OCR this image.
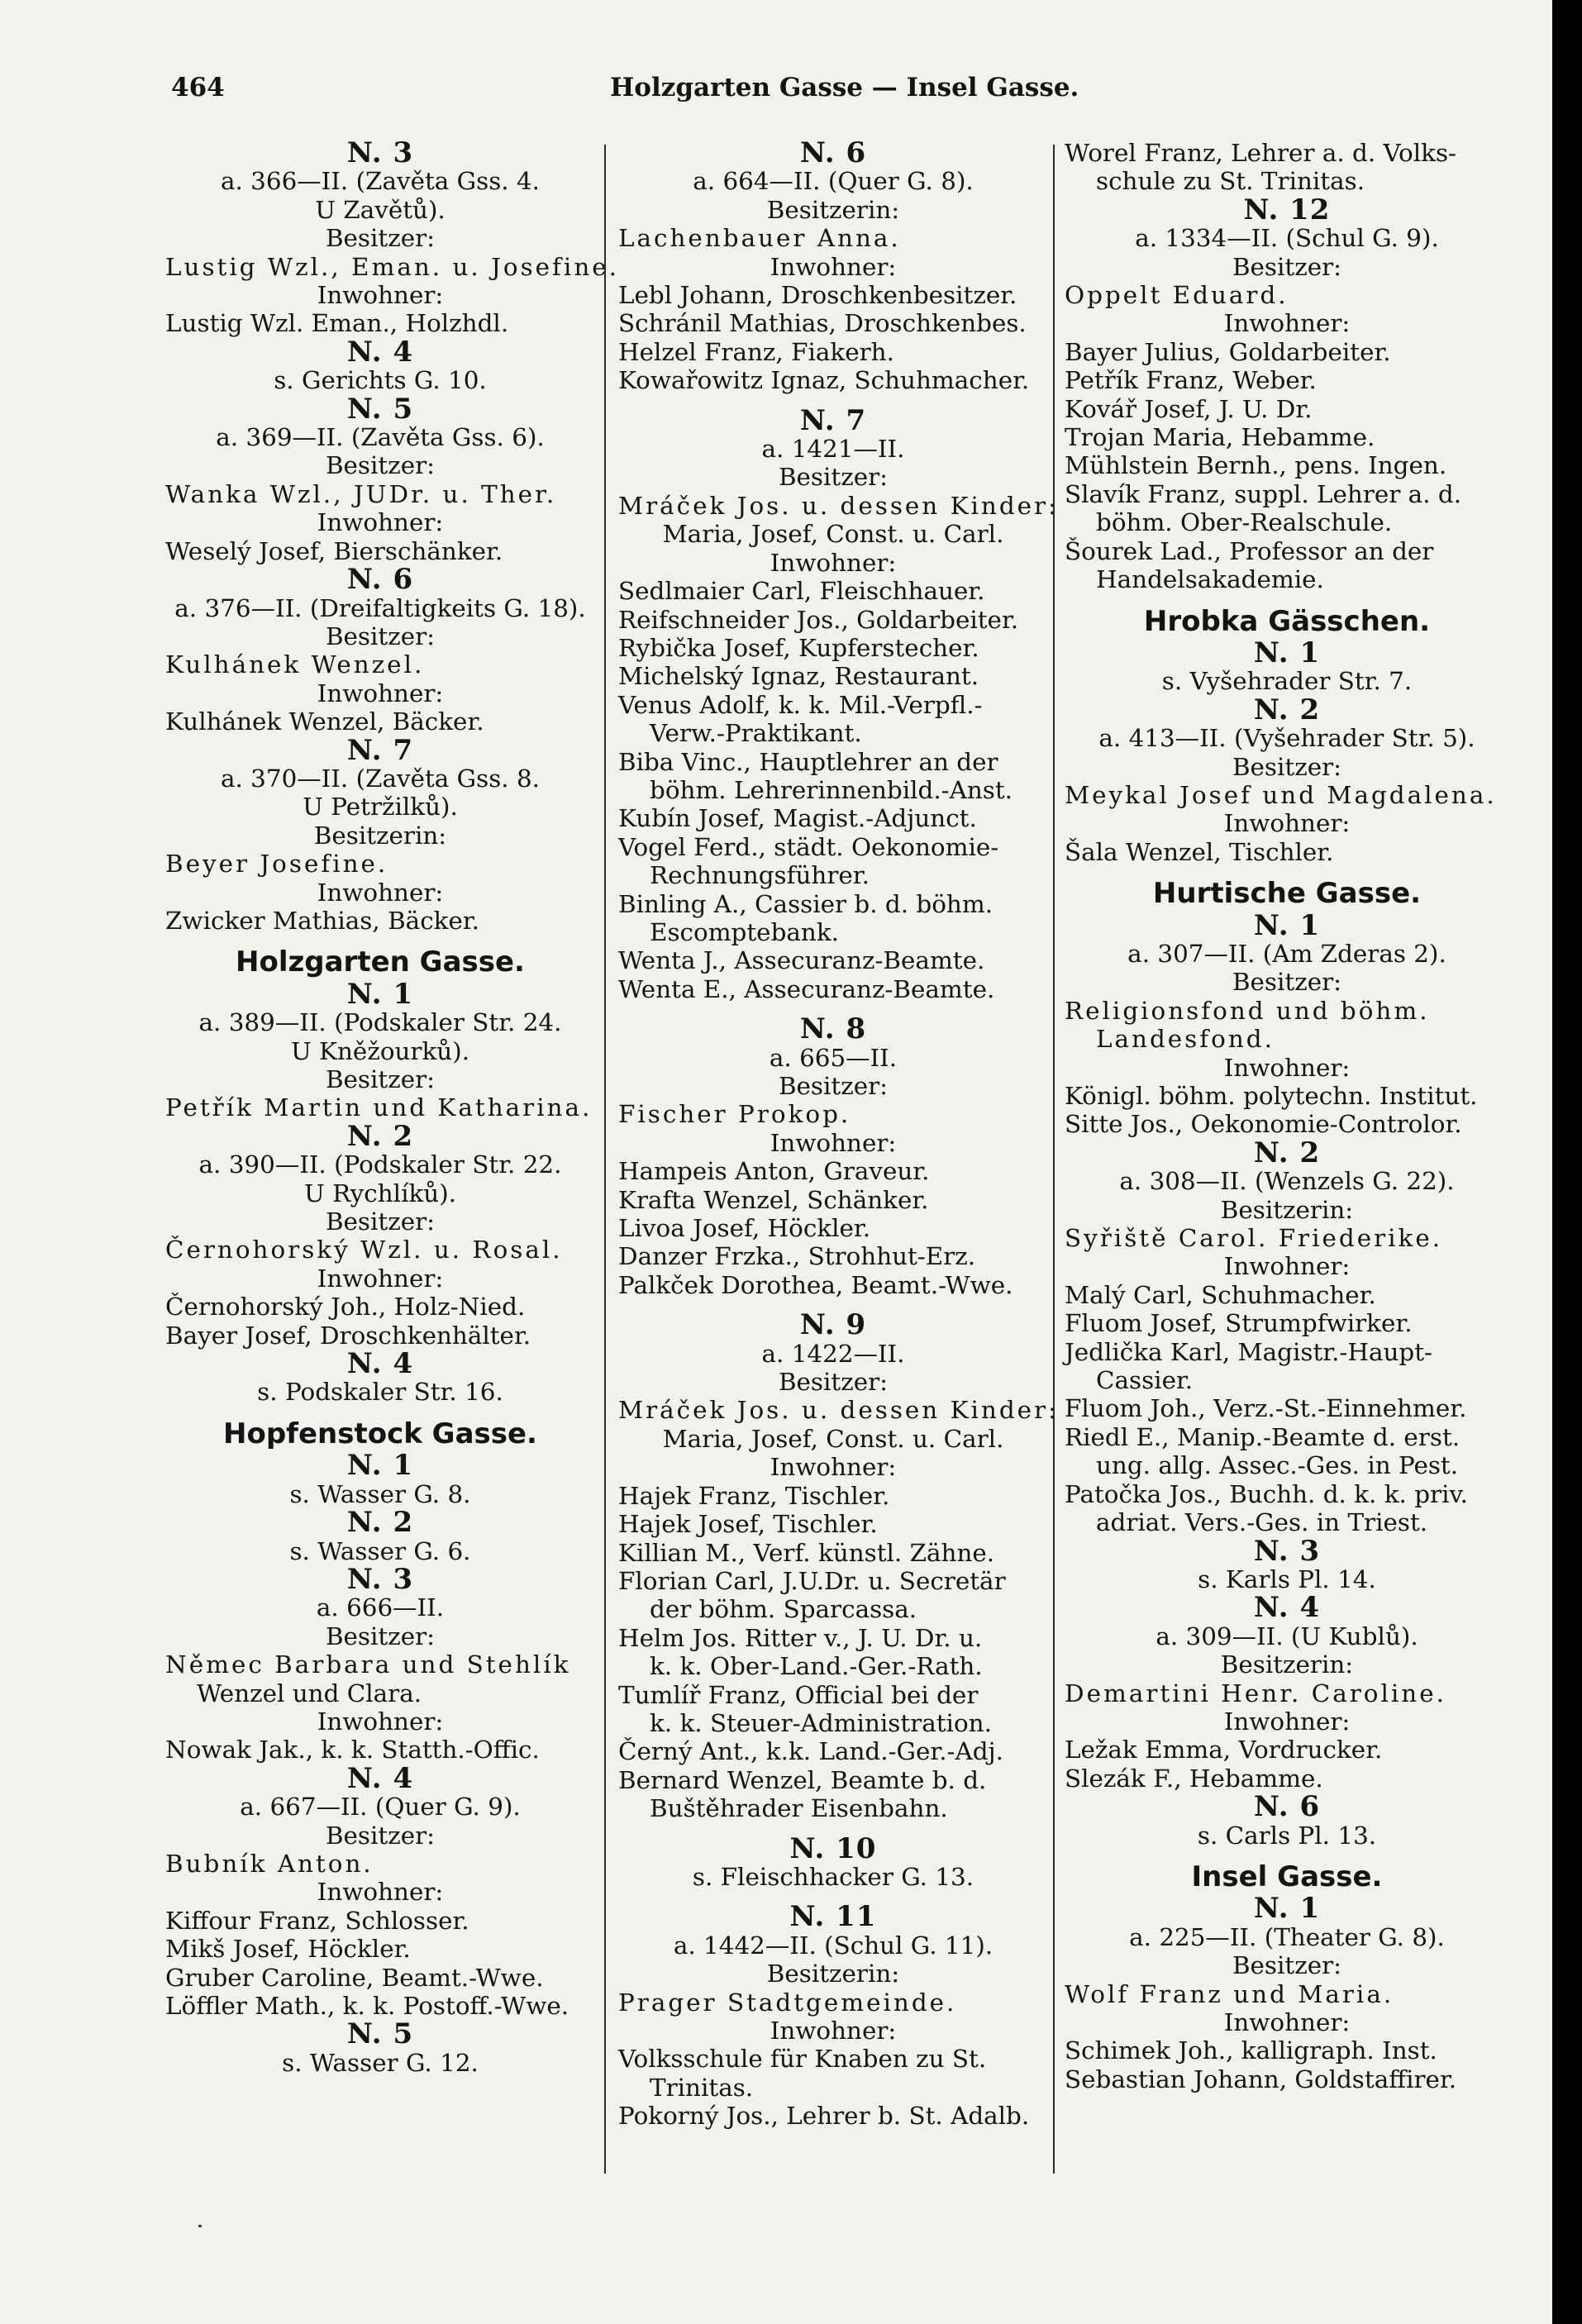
464	Holzgarten Gasse — Insel Gasse.
N. 3
a. 366—II. (Zavěta Gss. 4.
U Zavětů).
Besitzer:
Lustig Wzl., Eman. u. Josefine.
Inwohner:
Lustig Wzl. Eman., Holzhdl.
N. 4
s. Gerichts G. 10.
N. 5
a. 369—II. (Zavěta Gss. 6).
Besitzer:
Wanka Wzl., JUDr. u. Ther.
Inwohner:
Weselý Josef, Bierschänker.
N. 6
a. 376—II. (Dreifaltigkeits G. 18).
Besitzer:
Kulhánek Wenzel.
Inwohner:
Kulhánek Wenzel, Bäcker.
N. 7
a. 370—II. (Zavěta Gss. 8.
U Petržilků).
Besitzerin:
Beyer Josefine.
Inwohner:
Zwicker Mathias, Bäcker.
Holzgarten Gasse.
N. 1
a. 389—II. (Podskaler Str. 24.
U Kněžourků).
Besitzer:
Petřík Martin und Katharina.
N. 2
a. 390—II. (Podskaler Str. 22.
U Rychlíků).
Besitzer:
Černohorský Wzl. u. Rosal.
Inwohner:
Černohorský Joh., Holz-Nied.
Bayer Josef, Droschkenhälter.
N. 4
s. Podskaler Str. 16.
Hopfenstock Gasse.
N. 1
s. Wasser G. 8.
N. 2
s. Wasser G. 6.
N. 3
a. 666—II.
Besitzer:
Němec Barbara und Stehlík
Wenzel und Clara.
Inwohner:
Nowak Jak., k. k. Statth.-Offic.
N. 4
a. 667—II. (Quer G. 9).
Besitzer:
Bubník Anton.
Inwohner:
Kiffour Franz, Schlosser.
Mikš Josef, Höckler.
Gruber Caroline, Beamt.-Wwe.
Löffler Math., k. k. Postoff.-Wwe.
N. 5
s. Wasser G. 12.
N. 6
a. 664—II. (Quer G. 8).
Besitzerin:
Lachenbauer Anna.
Inwohner:
Lebl Johann, Droschkenbesitzer.
Schránil Mathias, Droschkenbes.
Helzel Franz, Fiakerh.
Kowařowitz Ignaz, Schuhmacher.
N. 7
a. 1421—II.
Besitzer:
Mráček Jos. u. dessen Kinder:
Maria, Josef, Const. u. Carl.
Inwohner:
Sedlmaier Carl, Fleischhauer.
Reifschneider Jos., Goldarbeiter.
Rybička Josef, Kupferstecher.
Michelský Ignaz, Restaurant.
Venus Adolf, k. k. Mil.-Verpfl.-
Verw.-Praktikant.
Biba Vinc., Hauptlehrer an der
böhm. Lehrerinnenbild.-Anst.
Kubín Josef, Magist.-Adjunct.
Vogel Ferd., städt. Oekonomie-
Rechnungsführer.
Binling A., Cassier b. d. böhm.
Escomptebank.
Wenta J., Assecuranz-Beamte.
Wenta E., Assecuranz-Beamte.
N. 8
a. 665—II.
Besitzer:
Fischer Prokop.
Inwohner:
Hampeis Anton, Graveur.
Krafta Wenzel, Schänker.
Livoa Josef, Höckler.
Danzer Frzka., Strohhut-Erz.
Palkček Dorothea, Beamt.-Wwe.
N. 9
a. 1422—II.
Besitzer:
Mráček Jos. u. dessen Kinder:
Maria, Josef, Const. u. Carl.
Inwohner:
Hajek Franz, Tischler.
Hajek Josef, Tischler.
Killian M., Verf. künstl. Zähne.
Florian Carl, J.U.Dr. u. Secretär
der böhm. Sparcassa.
Helm Jos. Ritter v., J. U. Dr. u.
k. k. Ober-Land.-Ger.-Rath.
Tumlíř Franz, Official bei der
k. k. Steuer-Administration.
Černý Ant., k.k. Land.-Ger.-Adj.
Bernard Wenzel, Beamte b. d.
Buštěhrader Eisenbahn.
N. 10
s. Fleischhacker G. 13.
N. 11
a. 1442—II. (Schul G. 11).
Besitzerin:
Prager Stadtgemeinde.
Inwohner:
Volksschule für Knaben zu St.
Trinitas.
Pokorný Jos., Lehrer b. St. Adalb.
Worel Franz, Lehrer a. d. Volks-
schule zu St. Trinitas.
N. 12
a. 1334—II. (Schul G. 9).
Besitzer:
Oppelt Eduard.
Inwohner:
Bayer Julius, Goldarbeiter.
Petřík Franz, Weber.
Kovář Josef, J. U. Dr.
Trojan Maria, Hebamme.
Mühlstein Bernh., pens. Ingen.
Slavík Franz, suppl. Lehrer a. d.
böhm. Ober-Realschule.
Šourek Lad., Professor an der
Handelsakademie.
Hrobka Gässchen.
N. 1
s. Vyšehrader Str. 7.
N. 2
a. 413—II. (Vyšehrader Str. 5).
Besitzer:
Meykal Josef und Magdalena.
Inwohner:
Šala Wenzel, Tischler.
Hurtische Gasse.
N. 1
a. 307—II. (Am Zderas 2).
Besitzer:
Religionsfond und böhm.
Landesfond.
Inwohner:
Königl. böhm. polytechn. Institut.
Sitte Jos., Oekonomie-Controlor.
N. 2
a. 308—II. (Wenzels G. 22).
Besitzerin:
Syřiště Carol. Friederike.
Inwohner:
Malý Carl, Schuhmacher.
Fluom Josef, Strumpfwirker.
Jedlička Karl, Magistr.-Haupt-
Cassier.
Fluom Joh., Verz.-St.-Einnehmer.
Riedl E., Manip.-Beamte d. erst.
ung. allg. Assec.-Ges. in Pest.
Patočka Jos., Buchh. d. k. k. priv.
adriat. Vers.-Ges. in Triest.
N. 3
s. Karls Pl. 14.
N. 4
a. 309—II. (U Kublů).
Besitzerin:
Demartini Henr. Caroline.
Inwohner:
Ležak Emma, Vordrucker.
Slezák F., Hebamme.
N. 6
s. Carls Pl. 13.
Insel Gasse.
N. 1
a. 225—II. (Theater G. 8).
Besitzer:
Wolf Franz und Maria.
Inwohner:
Schimek Joh., kalligraph. Inst.
Sebastian Johann, Goldstaffirer.
